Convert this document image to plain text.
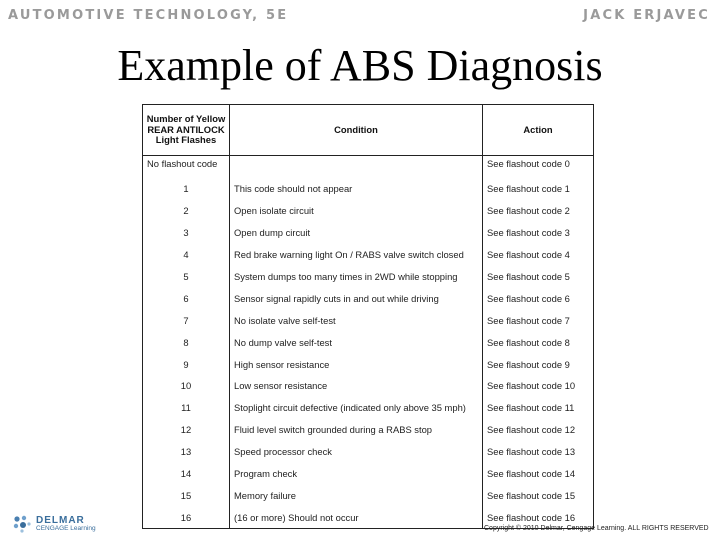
AUTOMOTIVE TECHNOLOGY, 5E	JACK ERJAVEC
Example of ABS Diagnosis
Number of Yellow REAR ANTILOCK Light Flashes	Condition	Action
No flashout code		See flashout code 0
1	This code should not appear	See flashout code 1
2	Open isolate circuit	See flashout code 2
3	Open dump circuit	See flashout code 3
4	Red brake warning light On / RABS valve switch closed	See flashout code 4
5	System dumps too many times in 2WD while stopping	See flashout code 5
6	Sensor signal rapidly cuts in and out while driving	See flashout code 6
7	No isolate valve self-test	See flashout code 7
8	No dump valve self-test	See flashout code 8
9	High sensor resistance	See flashout code 9
10	Low sensor resistance	See flashout code 10
11	Stoplight circuit defective (indicated only above 35 mph)	See flashout code 11
12	Fluid level switch grounded during a RABS stop	See flashout code 12
13	Speed processor check	See flashout code 13
14	Program check	See flashout code 14
15	Memory failure	See flashout code 15
16	(16 or more) Should not occur	See flashout code 16
DELMAR
CENGAGE Learning	Copyright © 2010 Delmar, Cengage Learning. ALL RIGHTS RESERVED
